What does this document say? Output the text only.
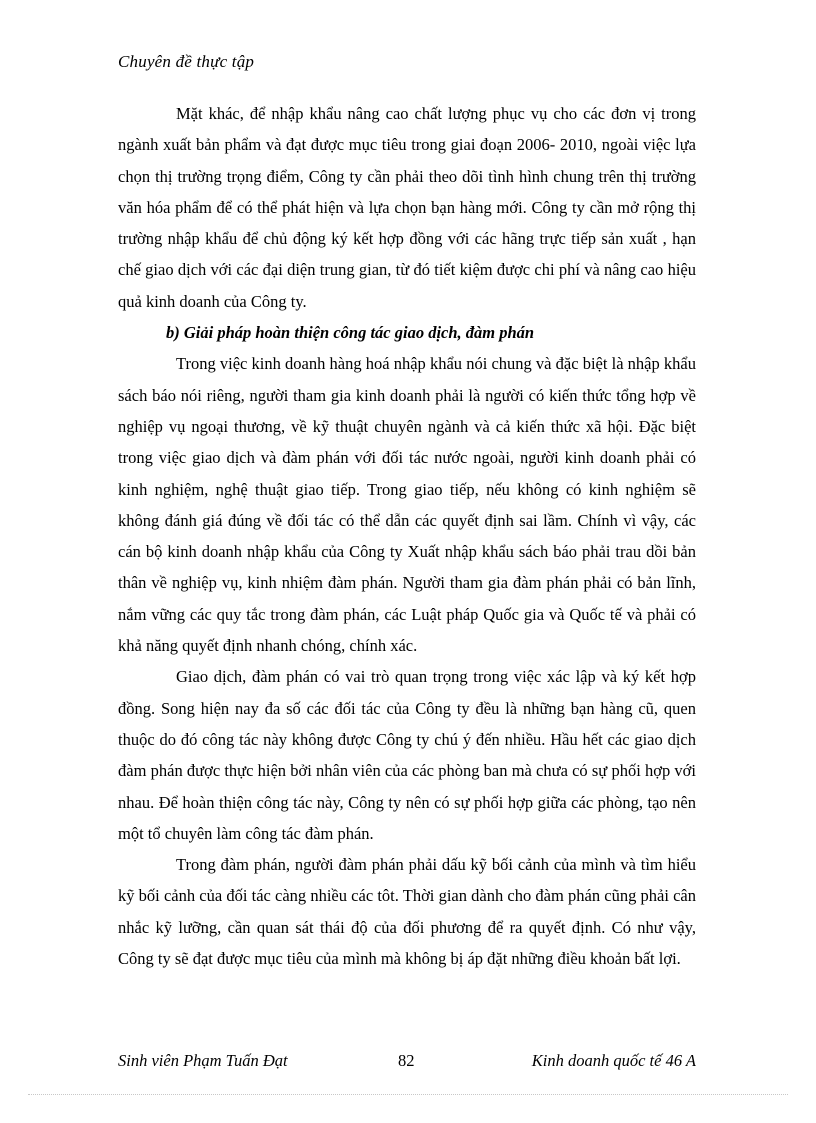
Chuyên đề thực tập

Mặt khác, để nhập khẩu nâng cao chất lượng phục vụ cho các đơn vị trong ngành xuất bản phẩm và đạt được mục tiêu trong giai đoạn 2006- 2010, ngoài việc lựa chọn thị trường trọng điểm, Công ty cần phải theo dõi tình hình chung trên thị trường văn hóa phẩm để có thể phát hiện và lựa chọn bạn hàng mới. Công ty cần mở rộng thị trường nhập khẩu để chủ động ký kết hợp đồng với các hãng trực tiếp sản xuất , hạn chế giao dịch với các đại diện trung gian, từ đó tiết kiệm được chi phí và nâng cao hiệu quả kinh doanh của Công ty.

b) Giải pháp hoàn thiện công tác giao dịch, đàm phán

Trong việc kinh doanh hàng hoá nhập khẩu nói chung và đặc biệt là nhập khẩu sách báo nói riêng, người tham gia kinh doanh phải là người có kiến thức tổng hợp về nghiệp vụ ngoại thương, về kỹ thuật chuyên ngành và cả kiến thức xã hội. Đặc biệt trong việc giao dịch và đàm phán với đối tác nước ngoài, người kinh doanh phải có kinh nghiệm, nghệ thuật giao tiếp. Trong giao tiếp, nếu không có kinh nghiệm sẽ không đánh giá đúng về đối tác có thể dẫn các quyết định sai lầm. Chính vì vậy, các cán bộ kinh doanh nhập khẩu của Công ty Xuất nhập khẩu sách báo phải trau dồi bản thân về nghiệp vụ, kinh nhiệm đàm phán. Người tham gia đàm phán phải có bản lĩnh, nắm vững các quy tắc trong đàm phán, các Luật pháp Quốc gia và Quốc tế và phải có khả năng quyết định nhanh chóng, chính xác.

Giao dịch, đàm phán có vai trò quan trọng trong việc xác lập và ký kết hợp đồng. Song hiện nay đa số các đối tác của Công ty đều là những bạn hàng cũ, quen thuộc do đó công tác này không được Công ty chú ý đến nhiều. Hầu hết các giao dịch đàm phán được thực hiện bởi nhân viên của các phòng ban mà chưa có sự phối hợp với nhau. Để hoàn thiện công tác này, Công ty nên có sự phối hợp giữa các phòng, tạo nên một tổ chuyên làm công tác đàm phán.

Trong đàm phán, người đàm phán phải dấu kỹ bối cảnh của mình và tìm hiểu kỹ bối cảnh của đối tác càng nhiều các tôt. Thời gian dành cho đàm phán cũng phải cân nhắc kỹ lưỡng, cần quan sát thái độ của đối phương để ra quyết định. Có như vậy, Công ty sẽ đạt được mục tiêu của mình mà không bị áp đặt những điều khoản bất lợi.

Sinh viên Phạm Tuấn Đạt	82	Kinh doanh quốc tế 46 A
